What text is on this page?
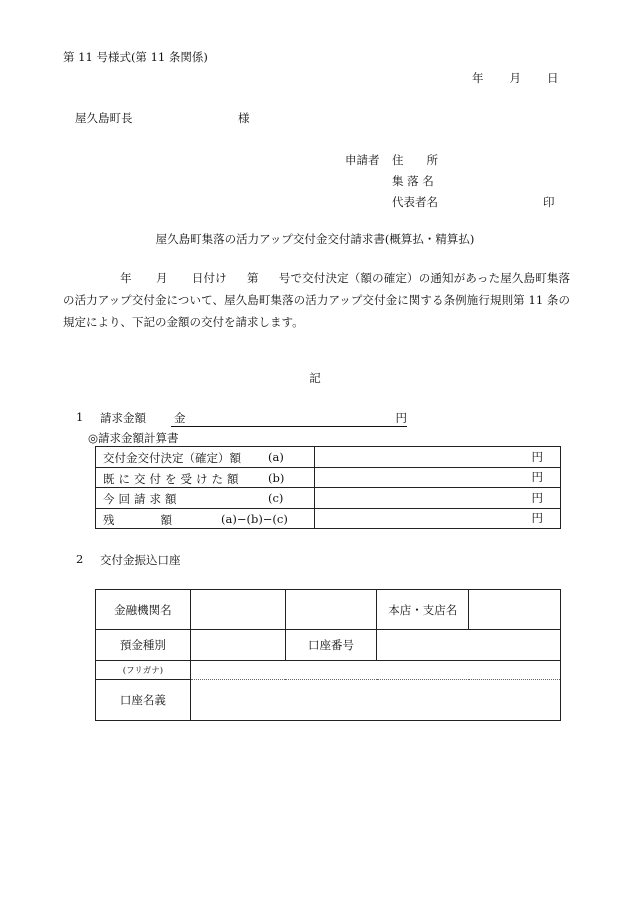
第 11 号様式(第 11 条関係)
年 月 日
屋久島町長	様
申請者 住　　所
集 落 名
代表者名	印
屋久島町集落の活力アップ交付金交付請求書(概算払・精算払)
年 月 日付け 第 号で交付決定（額の確定）の通知があった屋久島町集落の活力アップ交付金について、屋久島町集落の活力アップ交付金に関する条例施行規則第 11 条の規定により、下記の金額の交付を請求します。
記
1 請求金額 金	円
◎請求金額計算書
交付金交付決定（確定）額 (a)	円

既に交付を受けた額 (b)	円

今回請求額 (c)	円

残　　　　額 (a)−(b)−(c)	円
2 交付金振込口座
金融機関名			本店・支店名	
預金種別		口座番号		
(フリガナ)				
口座名義				
